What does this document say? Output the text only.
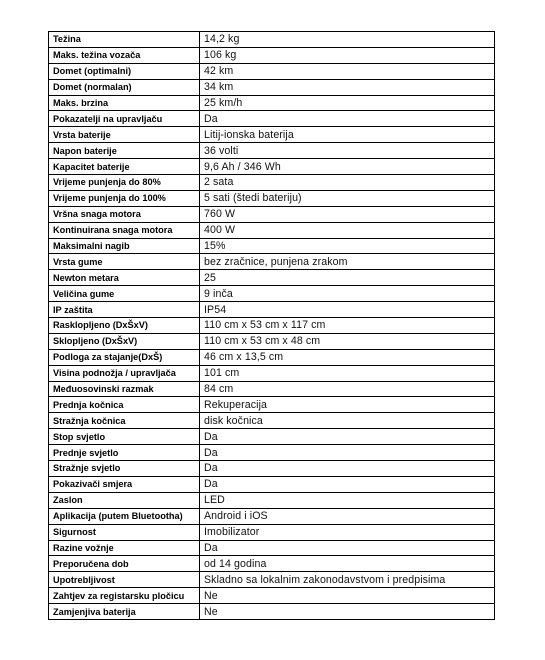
Težina	14,2 kg
Maks. težina vozača	106 kg
Domet (optimalni)	42 km
Domet (normalan)	34 km
Maks. brzina	25 km/h
Pokazatelji na upravljaču	Da
Vrsta baterije	Litij-ionska baterija
Napon baterije	36 volti
Kapacitet baterije	9,6 Ah / 346 Wh
Vrijeme punjenja do 80%	2 sata
Vrijeme punjenja do 100%	5 sati (štedi bateriju)
Vršna snaga motora	760 W
Kontinuirana snaga motora	400 W
Maksimalni nagib	15%
Vrsta gume	bez zračnice, punjena zrakom
Newton metara	25
Veličina gume	9 inča
IP zaštita	IP54
Rasklopljeno (DxŠxV)	110 cm x 53 cm x 117 cm
Sklopljeno (DxŠxV)	110 cm x 53 cm x 48 cm
Podloga za stajanje(DxŠ)	46 cm x 13,5 cm
Visina podnožja / upravljača	101 cm
Međuosovinski razmak	84 cm
Prednja kočnica	Rekuperacija
Stražnja kočnica	disk kočnica
Stop svjetlo	Da
Prednje svjetlo	Da
Stražnje svjetlo	Da
Pokazivači smjera	Da
Zaslon	LED
Aplikacija (putem Bluetootha)	Android i iOS
Sigurnost	Imobilizator
Razine vožnje	Da
Preporučena dob	od 14 godina
Upotrebljivost	Skladno sa lokalnim zakonodavstvom i predpisima
Zahtjev za registarsku pločicu	Ne
Zamjenjiva baterija	Ne
